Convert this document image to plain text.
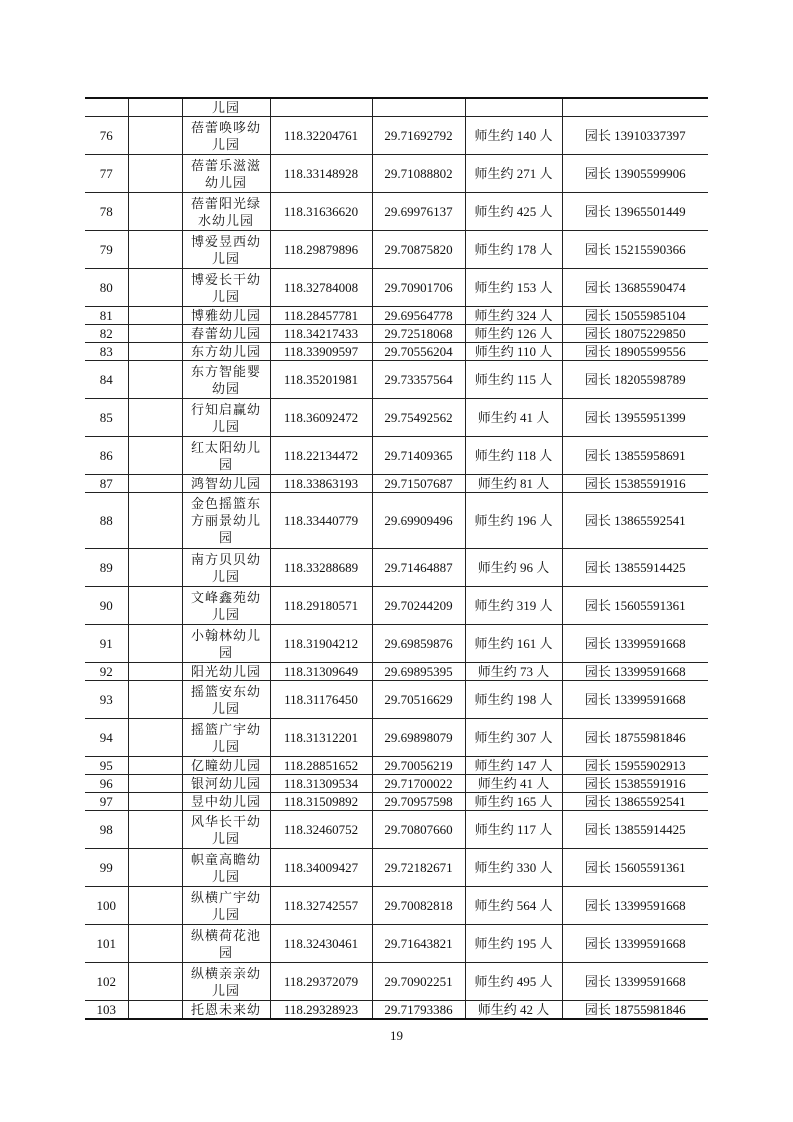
		儿园				
76		蓓蕾唤哆幼儿园	118.32204761	29.71692792	师生约 140 人	园长 13910337397
77		蓓蕾乐滋滋幼儿园	118.33148928	29.71088802	师生约 271 人	园长 13905599906
78		蓓蕾阳光绿水幼儿园	118.31636620	29.69976137	师生约 425 人	园长 13965501449
79		博爱昱西幼儿园	118.29879896	29.70875820	师生约 178 人	园长 15215590366
80		博爱长干幼儿园	118.32784008	29.70901706	师生约 153 人	园长 13685590474
81		博雅幼儿园	118.28457781	29.69564778	师生约 324 人	园长 15055985104
82		春蕾幼儿园	118.34217433	29.72518068	师生约 126 人	园长 18075229850
83		东方幼儿园	118.33909597	29.70556204	师生约 110 人	园长 18905599556
84		东方智能婴幼园	118.35201981	29.73357564	师生约 115 人	园长 18205598789
85		行知启赢幼儿园	118.36092472	29.75492562	师生约 41 人	园长 13955951399
86		红太阳幼儿园	118.22134472	29.71409365	师生约 118 人	园长 13855958691
87		鸿智幼儿园	118.33863193	29.71507687	师生约 81 人	园长 15385591916
88		金色摇篮东方丽景幼儿园	118.33440779	29.69909496	师生约 196 人	园长 13865592541
89		南方贝贝幼儿园	118.33288689	29.71464887	师生约 96 人	园长 13855914425
90		文峰鑫苑幼儿园	118.29180571	29.70244209	师生约 319 人	园长 15605591361
91		小翰林幼儿园	118.31904212	29.69859876	师生约 161 人	园长 13399591668
92		阳光幼儿园	118.31309649	29.69895395	师生约 73 人	园长 13399591668
93		摇篮安东幼儿园	118.31176450	29.70516629	师生约 198 人	园长 13399591668
94		摇篮广宇幼儿园	118.31312201	29.69898079	师生约 307 人	园长 18755981846
95		亿瞳幼儿园	118.28851652	29.70056219	师生约 147 人	园长 15955902913
96		银河幼儿园	118.31309534	29.71700022	师生约 41 人	园长 15385591916
97		昱中幼儿园	118.31509892	29.70957598	师生约 165 人	园长 13865592541
98		风华长干幼儿园	118.32460752	29.70807660	师生约 117 人	园长 13855914425
99		帜童高瞻幼儿园	118.34009427	29.72182671	师生约 330 人	园长 15605591361
100		纵横广宇幼儿园	118.32742557	29.70082818	师生约 564 人	园长 13399591668
101		纵横荷花池园	118.32430461	29.71643821	师生约 195 人	园长 13399591668
102		纵横亲亲幼儿园	118.29372079	29.70902251	师生约 495 人	园长 13399591668
103		托恩未来幼	118.29328923	29.71793386	师生约 42 人	园长 18755981846
19
